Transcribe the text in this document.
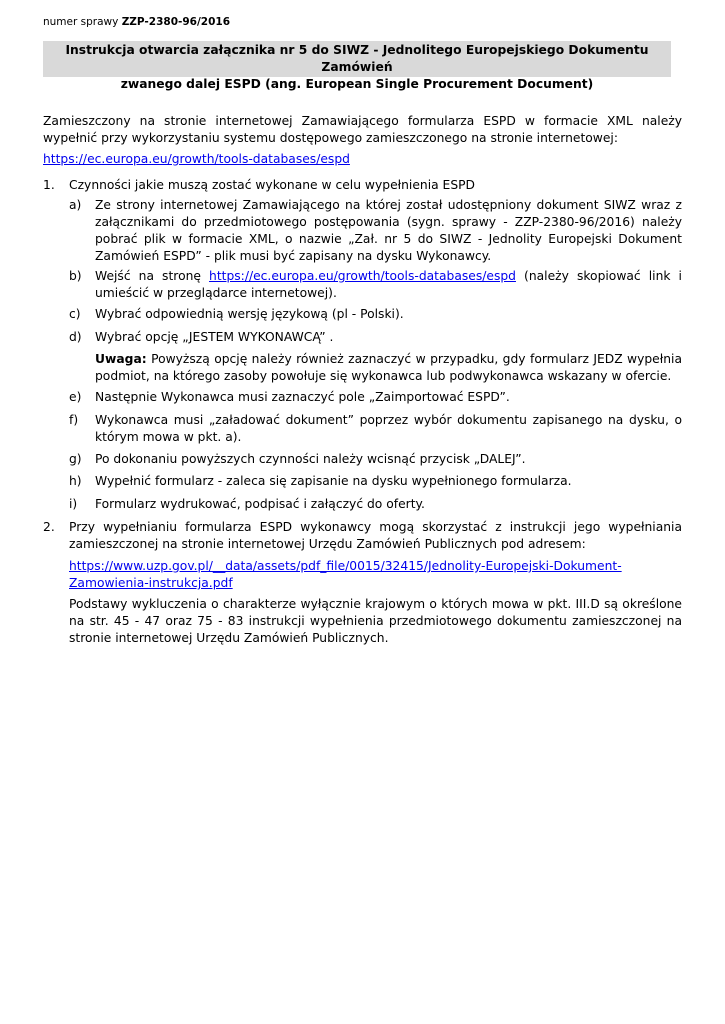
numer sprawy ZZP-2380-96/2016
Instrukcja otwarcia załącznika nr 5 do SIWZ - Jednolitego Europejskiego Dokumentu Zamówień
zwanego dalej ESPD (ang. European Single Procurement Document)
Zamieszczony na stronie internetowej Zamawiającego formularza ESPD w formacie XML należy wypełnić przy wykorzystaniu systemu dostępowego zamieszczonego na stronie internetowej:
https://ec.europa.eu/growth/tools-databases/espd
1. Czynności jakie muszą zostać wykonane w celu wypełnienia ESPD
a) Ze strony internetowej Zamawiającego na której został udostępniony dokument SIWZ wraz z załącznikami do przedmiotowego postępowania (sygn. sprawy - ZZP-2380-96/2016) należy pobrać plik w formacie XML, o nazwie „Zał. nr 5 do SIWZ - Jednolity Europejski Dokument Zamówień ESPD” - plik musi być zapisany na dysku Wykonawcy.
b) Wejść na stronę https://ec.europa.eu/growth/tools-databases/espd (należy skopiować link i umieścić w przeglądarce internetowej).
c) Wybrać odpowiednią wersję językową (pl - Polski).
d) Wybrać opcję „JESTEM WYKONAWCĄ” .
Uwaga: Powyższą opcję należy również zaznaczyć w przypadku, gdy formularz JEDZ wypełnia podmiot, na którego zasoby powołuje się wykonawca lub podwykonawca wskazany w ofercie.
e) Następnie Wykonawca musi zaznaczyć pole „Zaimportować ESPD”.
f) Wykonawca musi „załadować dokument” poprzez wybór dokumentu zapisanego na dysku, o którym mowa w pkt. a).
g) Po dokonaniu powyższych czynności należy wcisnąć przycisk „DALEJ”.
h) Wypełnić formularz - zaleca się zapisanie na dysku wypełnionego formularza.
i) Formularz wydrukować, podpisać i załączyć do oferty.
2. Przy wypełnianiu formularza ESPD wykonawcy mogą skorzystać z instrukcji jego wypełniania zamieszczonej na stronie internetowej Urzędu Zamówień Publicznych pod adresem:
https://www.uzp.gov.pl/__data/assets/pdf_file/0015/32415/Jednolity-Europejski-Dokument-
Zamowienia-instrukcja.pdf
Podstawy wykluczenia o charakterze wyłącznie krajowym o których mowa w pkt. III.D są określone na str. 45 - 47 oraz 75 - 83 instrukcji wypełnienia przedmiotowego dokumentu zamieszczonej na stronie internetowej Urzędu Zamówień Publicznych.
